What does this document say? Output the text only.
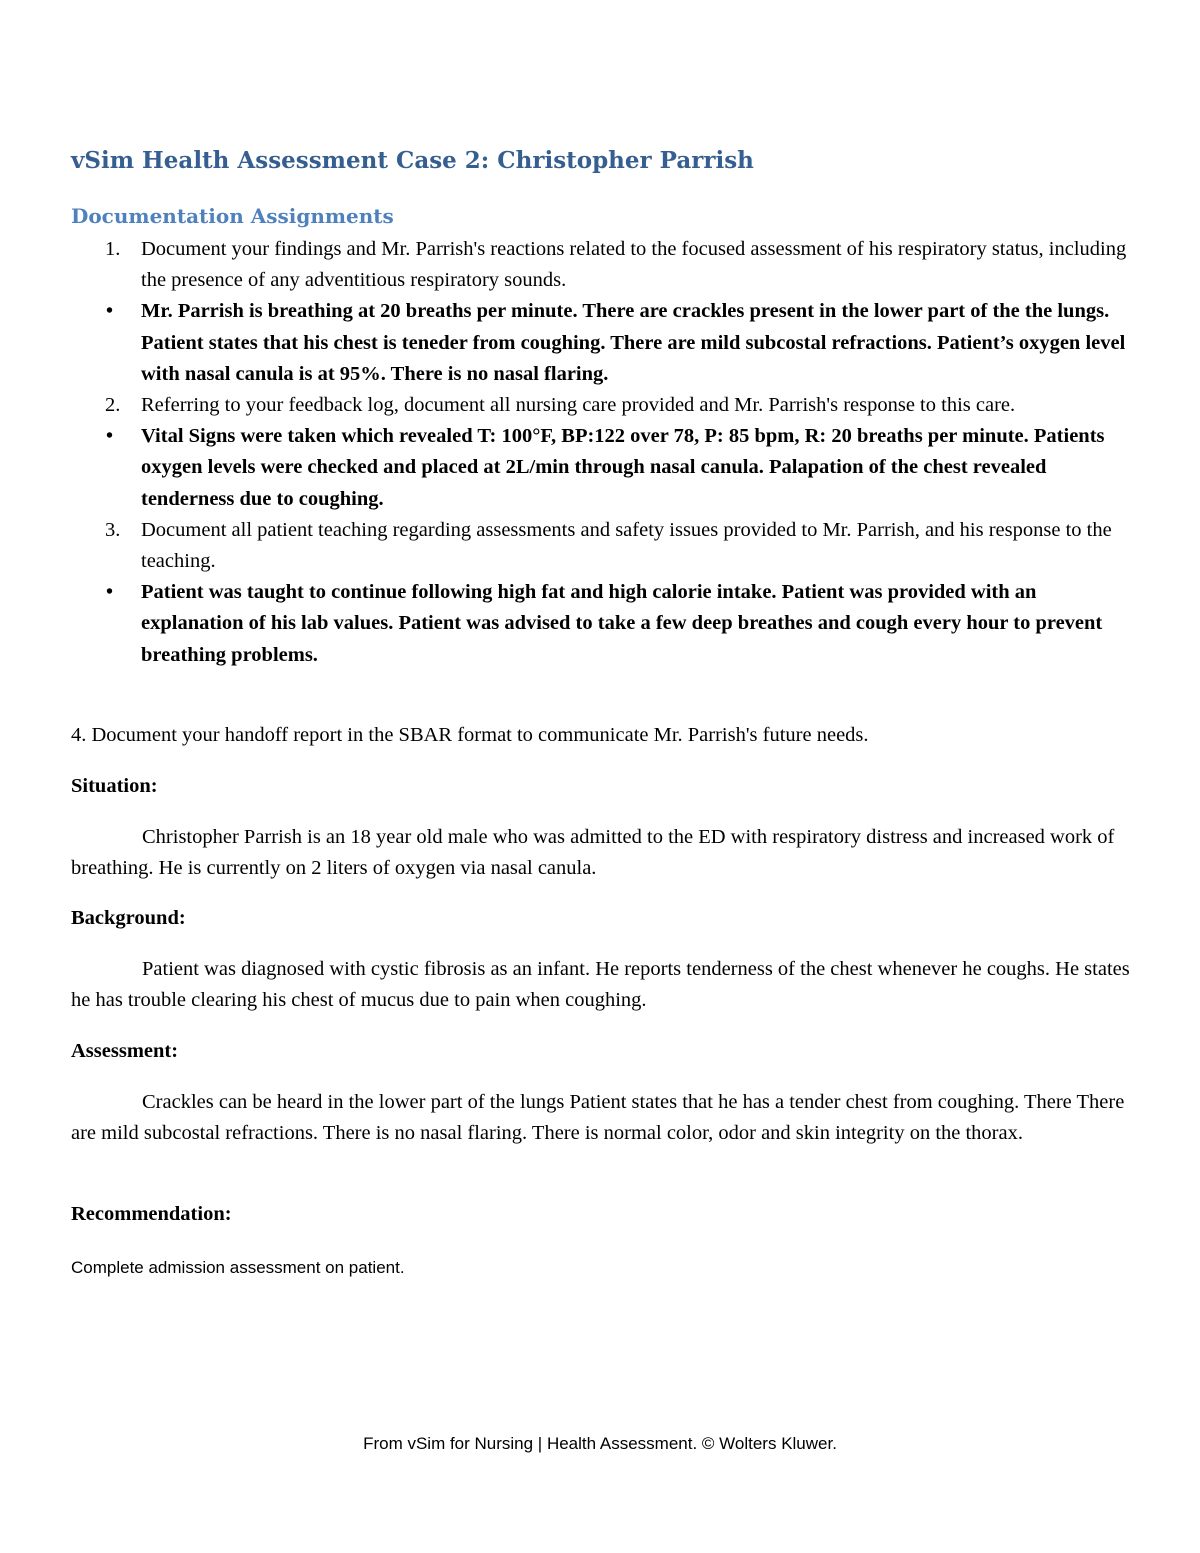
vSim Health Assessment Case 2: Christopher Parrish
Documentation Assignments
1. Document your findings and Mr. Parrish's reactions related to the focused assessment of his respiratory status, including the presence of any adventitious respiratory sounds.
• Mr. Parrish is breathing at 20 breaths per minute. There are crackles present in the lower part of the the lungs. Patient states that his chest is teneder from coughing. There are mild subcostal refractions. Patient’s oxygen level with nasal canula is at 95%. There is no nasal flaring.
2. Referring to your feedback log, document all nursing care provided and Mr. Parrish's response to this care.
• Vital Signs were taken which revealed T: 100°F, BP:122 over 78, P: 85 bpm, R: 20 breaths per minute. Patients oxygen levels were checked and placed at 2L/min through nasal canula. Palapation of the chest revealed tenderness due to coughing.
3. Document all patient teaching regarding assessments and safety issues provided to Mr. Parrish, and his response to the teaching.
• Patient was taught to continue following high fat and high calorie intake. Patient was provided with an explanation of his lab values. Patient was advised to take a few deep breathes and cough every hour to prevent breathing problems.
4. Document your handoff report in the SBAR format to communicate Mr. Parrish's future needs.
Situation:
Christopher Parrish is an 18 year old male who was admitted to the ED with respiratory distress and increased work of breathing. He is currently on 2 liters of oxygen via nasal canula.
Background:
Patient was diagnosed with cystic fibrosis as an infant. He reports tenderness of the chest whenever he coughs. He states he has trouble clearing his chest of mucus due to pain when coughing.
Assessment:
Crackles can be heard in the lower part of the lungs Patient states that he has a tender chest from coughing. There There are mild subcostal refractions. There is no nasal flaring. There is normal color, odor and skin integrity on the thorax.
Recommendation:
Complete admission assessment on patient.
From vSim for Nursing | Health Assessment. © Wolters Kluwer.
